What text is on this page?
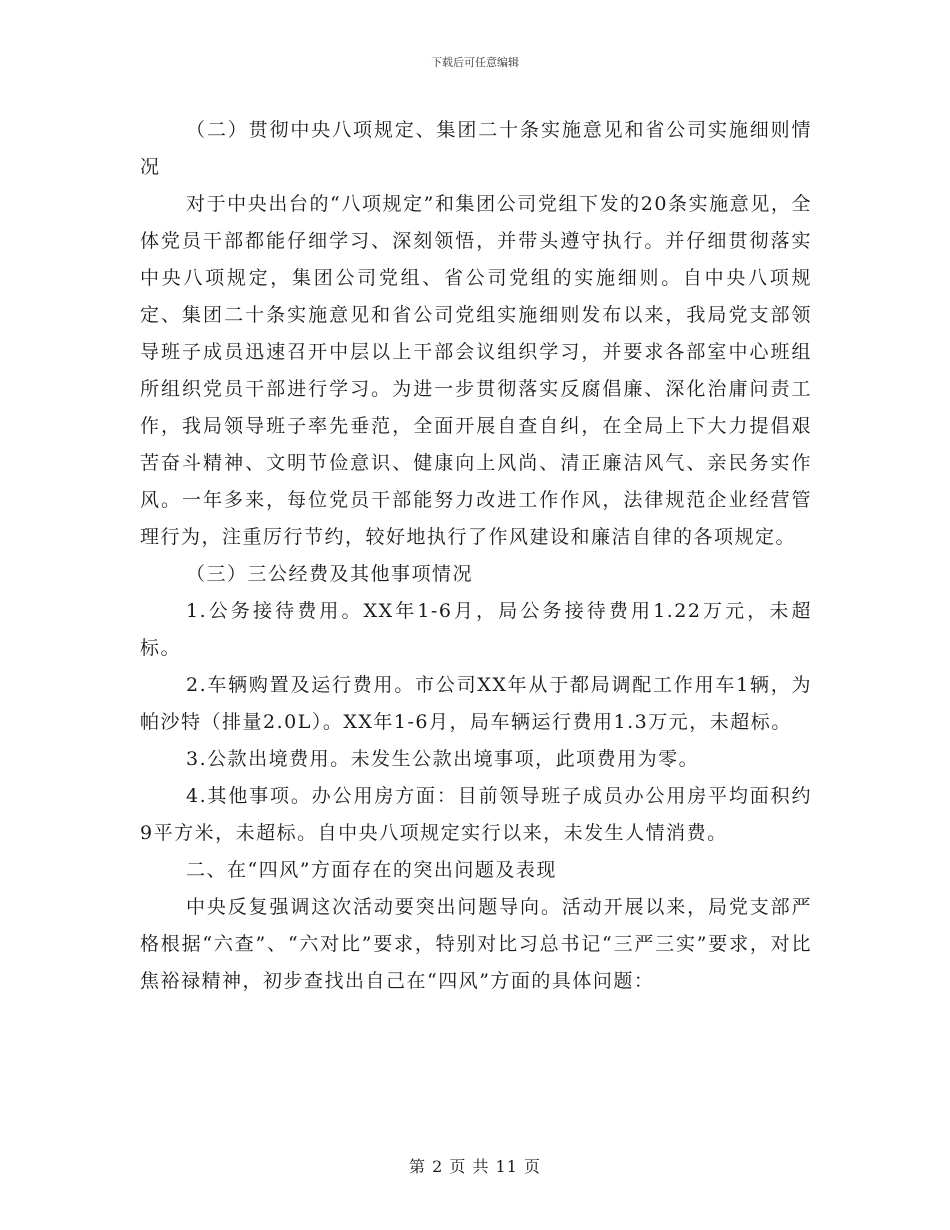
下载后可任意编辑

（二）贯彻中央八项规定、集团二十条实施意见和省公司实施细则情况

对于中央出台的“八项规定”和集团公司党组下发的20条实施意见，全体党员干部都能仔细学习、深刻领悟，并带头遵守执行。并仔细贯彻落实中央八项规定，集团公司党组、省公司党组的实施细则。自中央八项规定、集团二十条实施意见和省公司党组实施细则发布以来，我局党支部领导班子成员迅速召开中层以上干部会议组织学习，并要求各部室中心班组所组织党员干部进行学习。为进一步贯彻落实反腐倡廉、深化治庸问责工作，我局领导班子率先垂范，全面开展自查自纠，在全局上下大力提倡艰苦奋斗精神、文明节俭意识、健康向上风尚、清正廉洁风气、亲民务实作风。一年多来，每位党员干部能努力改进工作作风，法律规范企业经营管理行为，注重厉行节约，较好地执行了作风建设和廉洁自律的各项规定。

（三）三公经费及其他事项情况

1.公务接待费用。XX年1-6月，局公务接待费用1.22万元，未超标。

2.车辆购置及运行费用。市公司XX年从于都局调配工作用车1辆，为帕沙特（排量2.0L）。XX年1-6月，局车辆运行费用1.3万元，未超标。

3.公款出境费用。未发生公款出境事项，此项费用为零。

4.其他事项。办公用房方面：目前领导班子成员办公用房平均面积约9平方米，未超标。自中央八项规定实行以来，未发生人情消费。

二、在“四风”方面存在的突出问题及表现

中央反复强调这次活动要突出问题导向。活动开展以来，局党支部严格根据“六查”、“六对比”要求，特别对比习总书记“三严三实”要求，对比焦裕禄精神，初步查找出自己在“四风”方面的具体问题：

第 2 页 共 11 页
